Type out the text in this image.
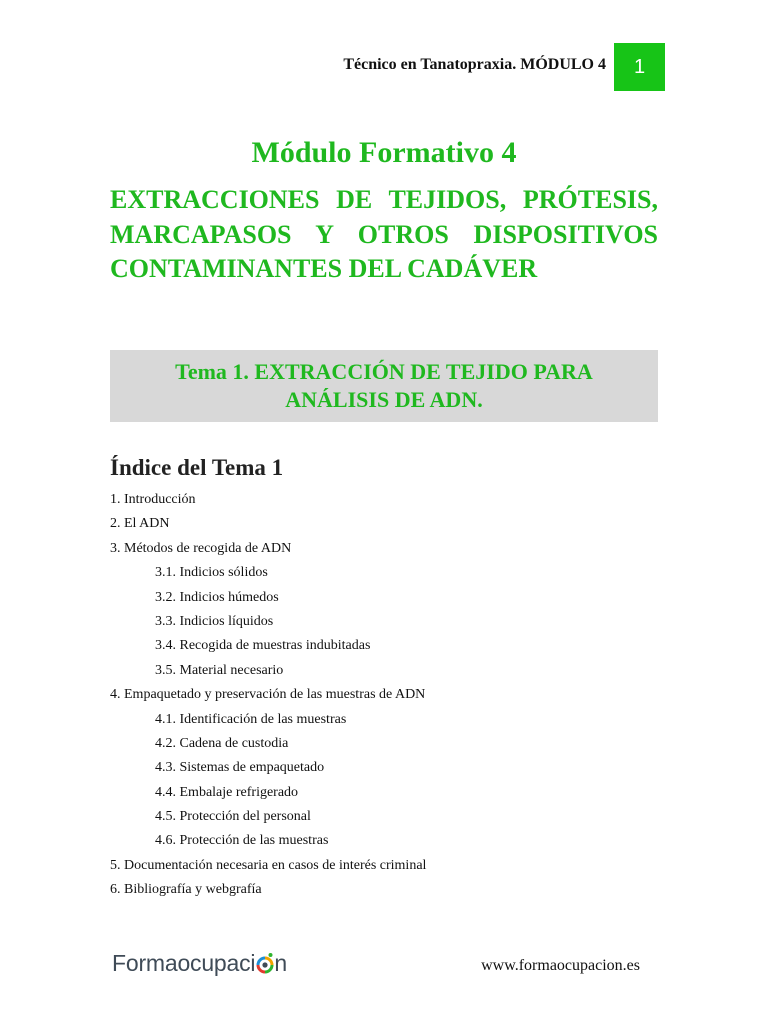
Técnico en Tanatopraxia. MÓDULO 4 1
Módulo Formativo 4
EXTRACCIONES DE TEJIDOS, PRÓTESIS, MARCAPASOS Y OTROS DISPOSITIVOS CONTAMINANTES DEL CADÁVER
Tema 1. EXTRACCIÓN DE TEJIDO PARA
ANÁLISIS DE ADN.
Índice del Tema 1
1. Introducción
2. El ADN
3. Métodos de recogida de ADN
3.1. Indicios sólidos
3.2. Indicios húmedos
3.3. Indicios líquidos
3.4. Recogida de muestras indubitadas
3.5. Material necesario
4. Empaquetado y preservación de las muestras de ADN
4.1. Identificación de las muestras
4.2. Cadena de custodia
4.3. Sistemas de empaquetado
4.4. Embalaje refrigerado
4.5. Protección del personal
4.6. Protección de las muestras
5. Documentación necesaria en casos de interés criminal
6. Bibliografía y webgrafía
Formaocupaci n	www.formaocupacion.es
